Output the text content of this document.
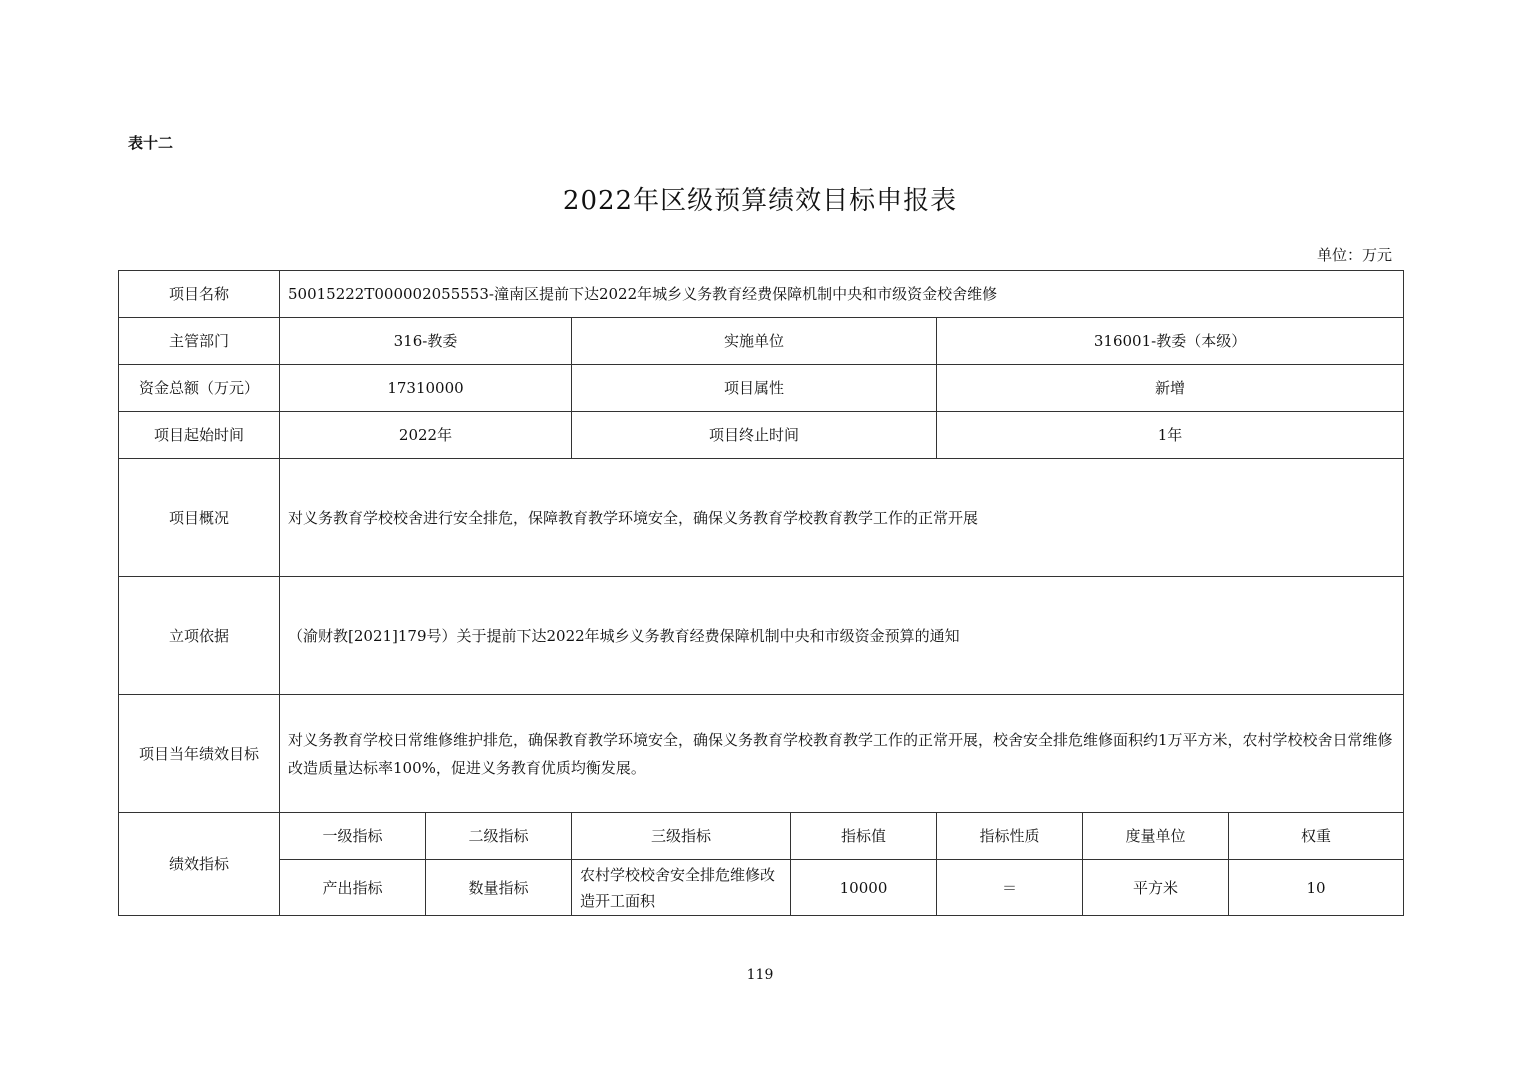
表十二
2022年区级预算绩效目标申报表
单位：万元
项目名称	50015222T000002055553-潼南区提前下达2022年城乡义务教育经费保障机制中央和市级资金校舍维修						
主管部门	316-教委		实施单位		316001-教委（本级）		
资金总额（万元）	17310000		项目属性		新增		
项目起始时间	2022年		项目终止时间		1年		
项目概况	对义务教育学校校舍进行安全排危，保障教育教学环境安全，确保义务教育学校教育教学工作的正常开展						
立项依据	（渝财教[2021]179号）关于提前下达2022年城乡义务教育经费保障机制中央和市级资金预算的通知						
项目当年绩效目标	对义务教育学校日常维修维护排危，确保教育教学环境安全，确保义务教育学校教育教学工作的正常开展，校舍安全排危维修面积约1万平方米，农村学校校舍日常维修改造质量达标率100%，促进义务教育优质均衡发展。						
绩效指标	一级指标	二级指标	三级指标	指标值	指标性质	度量单位	权重
	产出指标	数量指标	农村学校校舍安全排危维修改造开工面积	10000	＝	平方米	10
119
